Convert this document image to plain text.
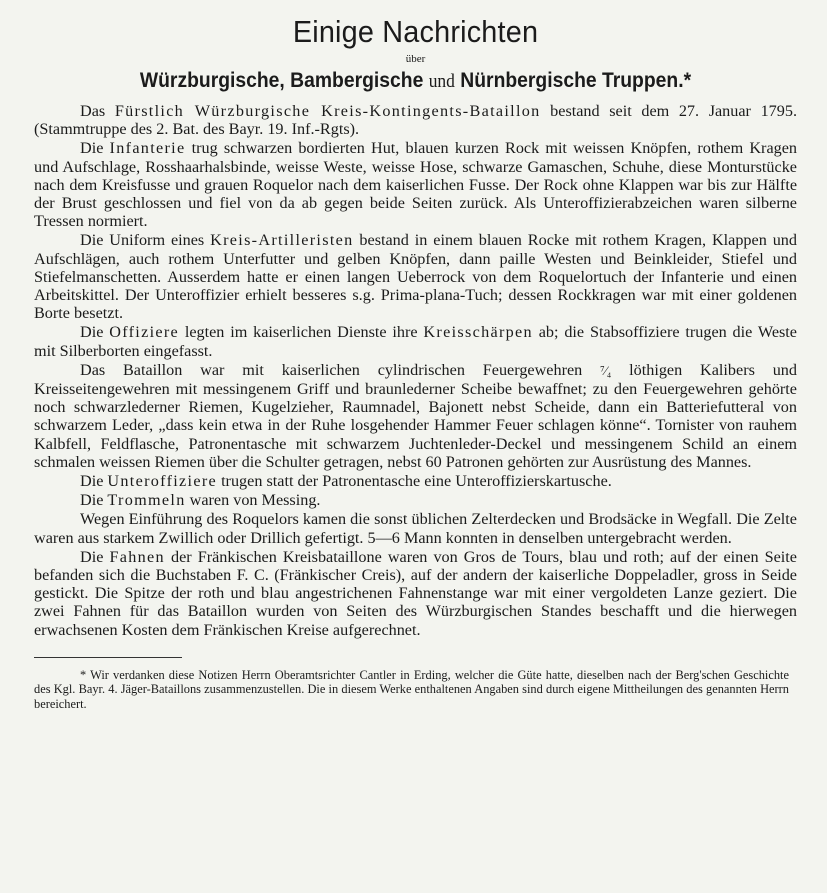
Einige Nachrichten
über
Würzburgische, Bambergische und Nürnbergische Truppen.*

Das Fürstlich Würzburgische Kreis-Kontingents-Bataillon bestand seit dem 27. Januar 1795. (Stammtruppe des 2. Bat. des Bayr. 19. Inf.-Rgts).

Die Infanterie trug schwarzen bordierten Hut, blauen kurzen Rock mit weissen Knöpfen, rothem Kragen und Aufschlage, Rosshaarhalsbinde, weisse Weste, weisse Hose, schwarze Gamaschen, Schuhe, diese Monturstücke nach dem Kreisfusse und grauen Roquelor nach dem kaiserlichen Fusse. Der Rock ohne Klappen war bis zur Hälfte der Brust geschlossen und fiel von da ab gegen beide Seiten zurück. Als Unteroffizierabzeichen waren silberne Tressen normiert.

Die Uniform eines Kreis-Artilleristen bestand in einem blauen Rocke mit rothem Kragen, Klappen und Aufschlägen, auch rothem Unterfutter und gelben Knöpfen, dann paille Westen und Beinkleider, Stiefel und Stiefelmanschetten. Ausserdem hatte er einen langen Ueberrock von dem Roquelortuch der Infanterie und einen Arbeitskittel. Der Unteroffizier erhielt besseres s.g. Prima-plana-Tuch; dessen Rockkragen war mit einer goldenen Borte besetzt.

Die Offiziere legten im kaiserlichen Dienste ihre Kreisschärpen ab; die Stabsoffiziere trugen die Weste mit Silberborten eingefasst.

Das Bataillon war mit kaiserlichen cylindrischen Feuergewehren ⁷⁄₄ löthigen Kalibers und Kreisseitengewehren mit messingenem Griff und braunlederner Scheibe bewaffnet; zu den Feuergewehren gehörte noch schwarzlederner Riemen, Kugelzieher, Raumnadel, Bajonett nebst Scheide, dann ein Batteriefutteral von schwarzem Leder, „dass kein etwa in der Ruhe losgehender Hammer Feuer schlagen könne“. Tornister von rauhem Kalbfell, Feldflasche, Patronentasche mit schwarzem Juchtenleder-Deckel und messingenem Schild an einem schmalen weissen Riemen über die Schulter getragen, nebst 60 Patronen gehörten zur Ausrüstung des Mannes.

Die Unteroffiziere trugen statt der Patronentasche eine Unteroffizierskartusche.

Die Trommeln waren von Messing.

Wegen Einführung des Roquelors kamen die sonst üblichen Zelterdecken und Brodsäcke in Wegfall. Die Zelte waren aus starkem Zwillich oder Drillich gefertigt. 5—6 Mann konnten in denselben untergebracht werden.

Die Fahnen der Fränkischen Kreisbataillone waren von Gros de Tours, blau und roth; auf der einen Seite befanden sich die Buchstaben F. C. (Fränkischer Creis), auf der andern der kaiserliche Doppeladler, gross in Seide gestickt. Die Spitze der roth und blau angestrichenen Fahnenstange war mit einer vergoldeten Lanze geziert. Die zwei Fahnen für das Bataillon wurden von Seiten des Würzburgischen Standes beschafft und die hierwegen erwachsenen Kosten dem Fränkischen Kreise aufgerechnet.

* Wir verdanken diese Notizen Herrn Oberamtsrichter Cantler in Erding, welcher die Güte hatte, dieselben nach der Berg'schen Geschichte des Kgl. Bayr. 4. Jäger-Bataillons zusammenzustellen. Die in diesem Werke enthaltenen Angaben sind durch eigene Mittheilungen des genannten Herrn bereichert.
